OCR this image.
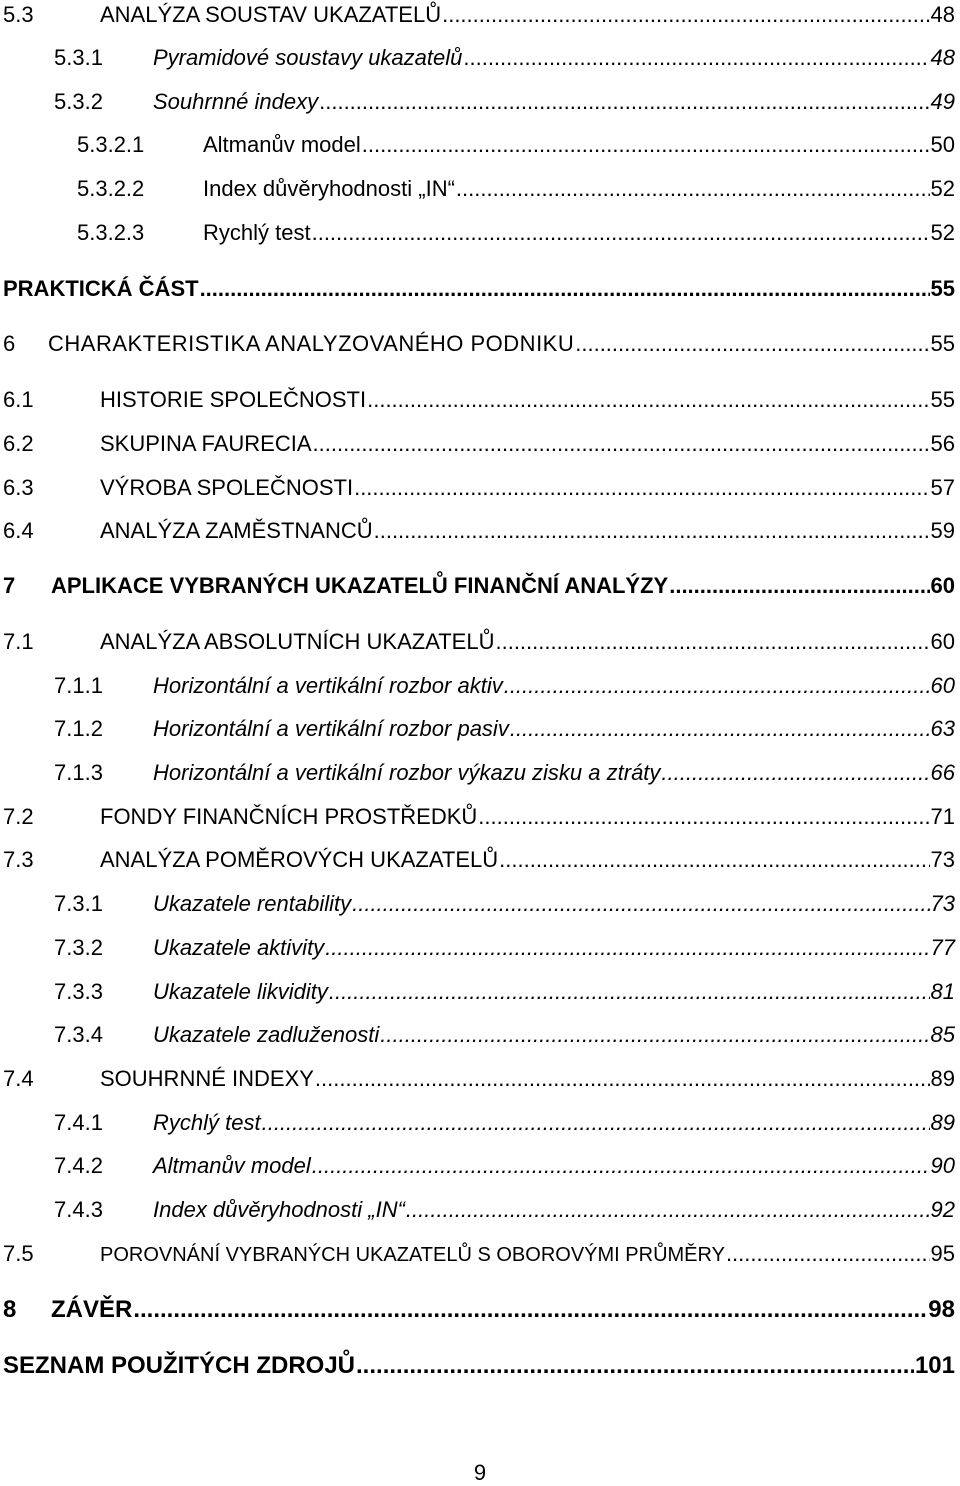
5.3	ANALÝZA SOUSTAV UKAZATELŮ .....	48
5.3.1	Pyramidové soustavy ukazatelů .....	48
5.3.2	Souhrnné indexy .....	49
5.3.2.1	Altmanův model .....	50
5.3.2.2	Index důvěryhodnosti „IN“ .....	52
5.3.2.3	Rychlý test .....	52
PRAKTICKÁ ČÁST .....	55
6	CHARAKTERISTIKA ANALYZOVANÉHO PODNIKU .....	55
6.1	HISTORIE SPOLEČNOSTI .....	55
6.2	SKUPINA FAURECIA .....	56
6.3	VÝROBA SPOLEČNOSTI .....	57
6.4	ANALÝZA ZAMĚSTNANCŮ .....	59
7	APLIKACE VYBRANÝCH UKAZATELŮ FINANČNÍ ANALÝZY .....	60
7.1	ANALÝZA ABSOLUTNÍCH UKAZATELŮ .....	60
7.1.1	Horizontální a vertikální rozbor aktiv .....	60
7.1.2	Horizontální a vertikální rozbor pasiv .....	63
7.1.3	Horizontální a vertikální rozbor výkazu zisku a ztráty .....	66
7.2	FONDY FINANČNÍCH PROSTŘEDKŮ .....	71
7.3	ANALÝZA POMĚROVÝCH UKAZATELŮ .....	73
7.3.1	Ukazatele rentability .....	73
7.3.2	Ukazatele aktivity .....	77
7.3.3	Ukazatele likvidity .....	81
7.3.4	Ukazatele zadluženosti .....	85
7.4	SOUHRNNÉ INDEXY .....	89
7.4.1	Rychlý test .....	89
7.4.2	Altmanův model .....	90
7.4.3	Index důvěryhodnosti „IN“ .....	92
7.5	POROVNÁNÍ VYBRANÝCH UKAZATELŮ S OBOROVÝMI PRŮMĚRY .....	95
8	ZÁVĚR .....	98
SEZNAM POUŽITÝCH ZDROJŮ .....	101
9
